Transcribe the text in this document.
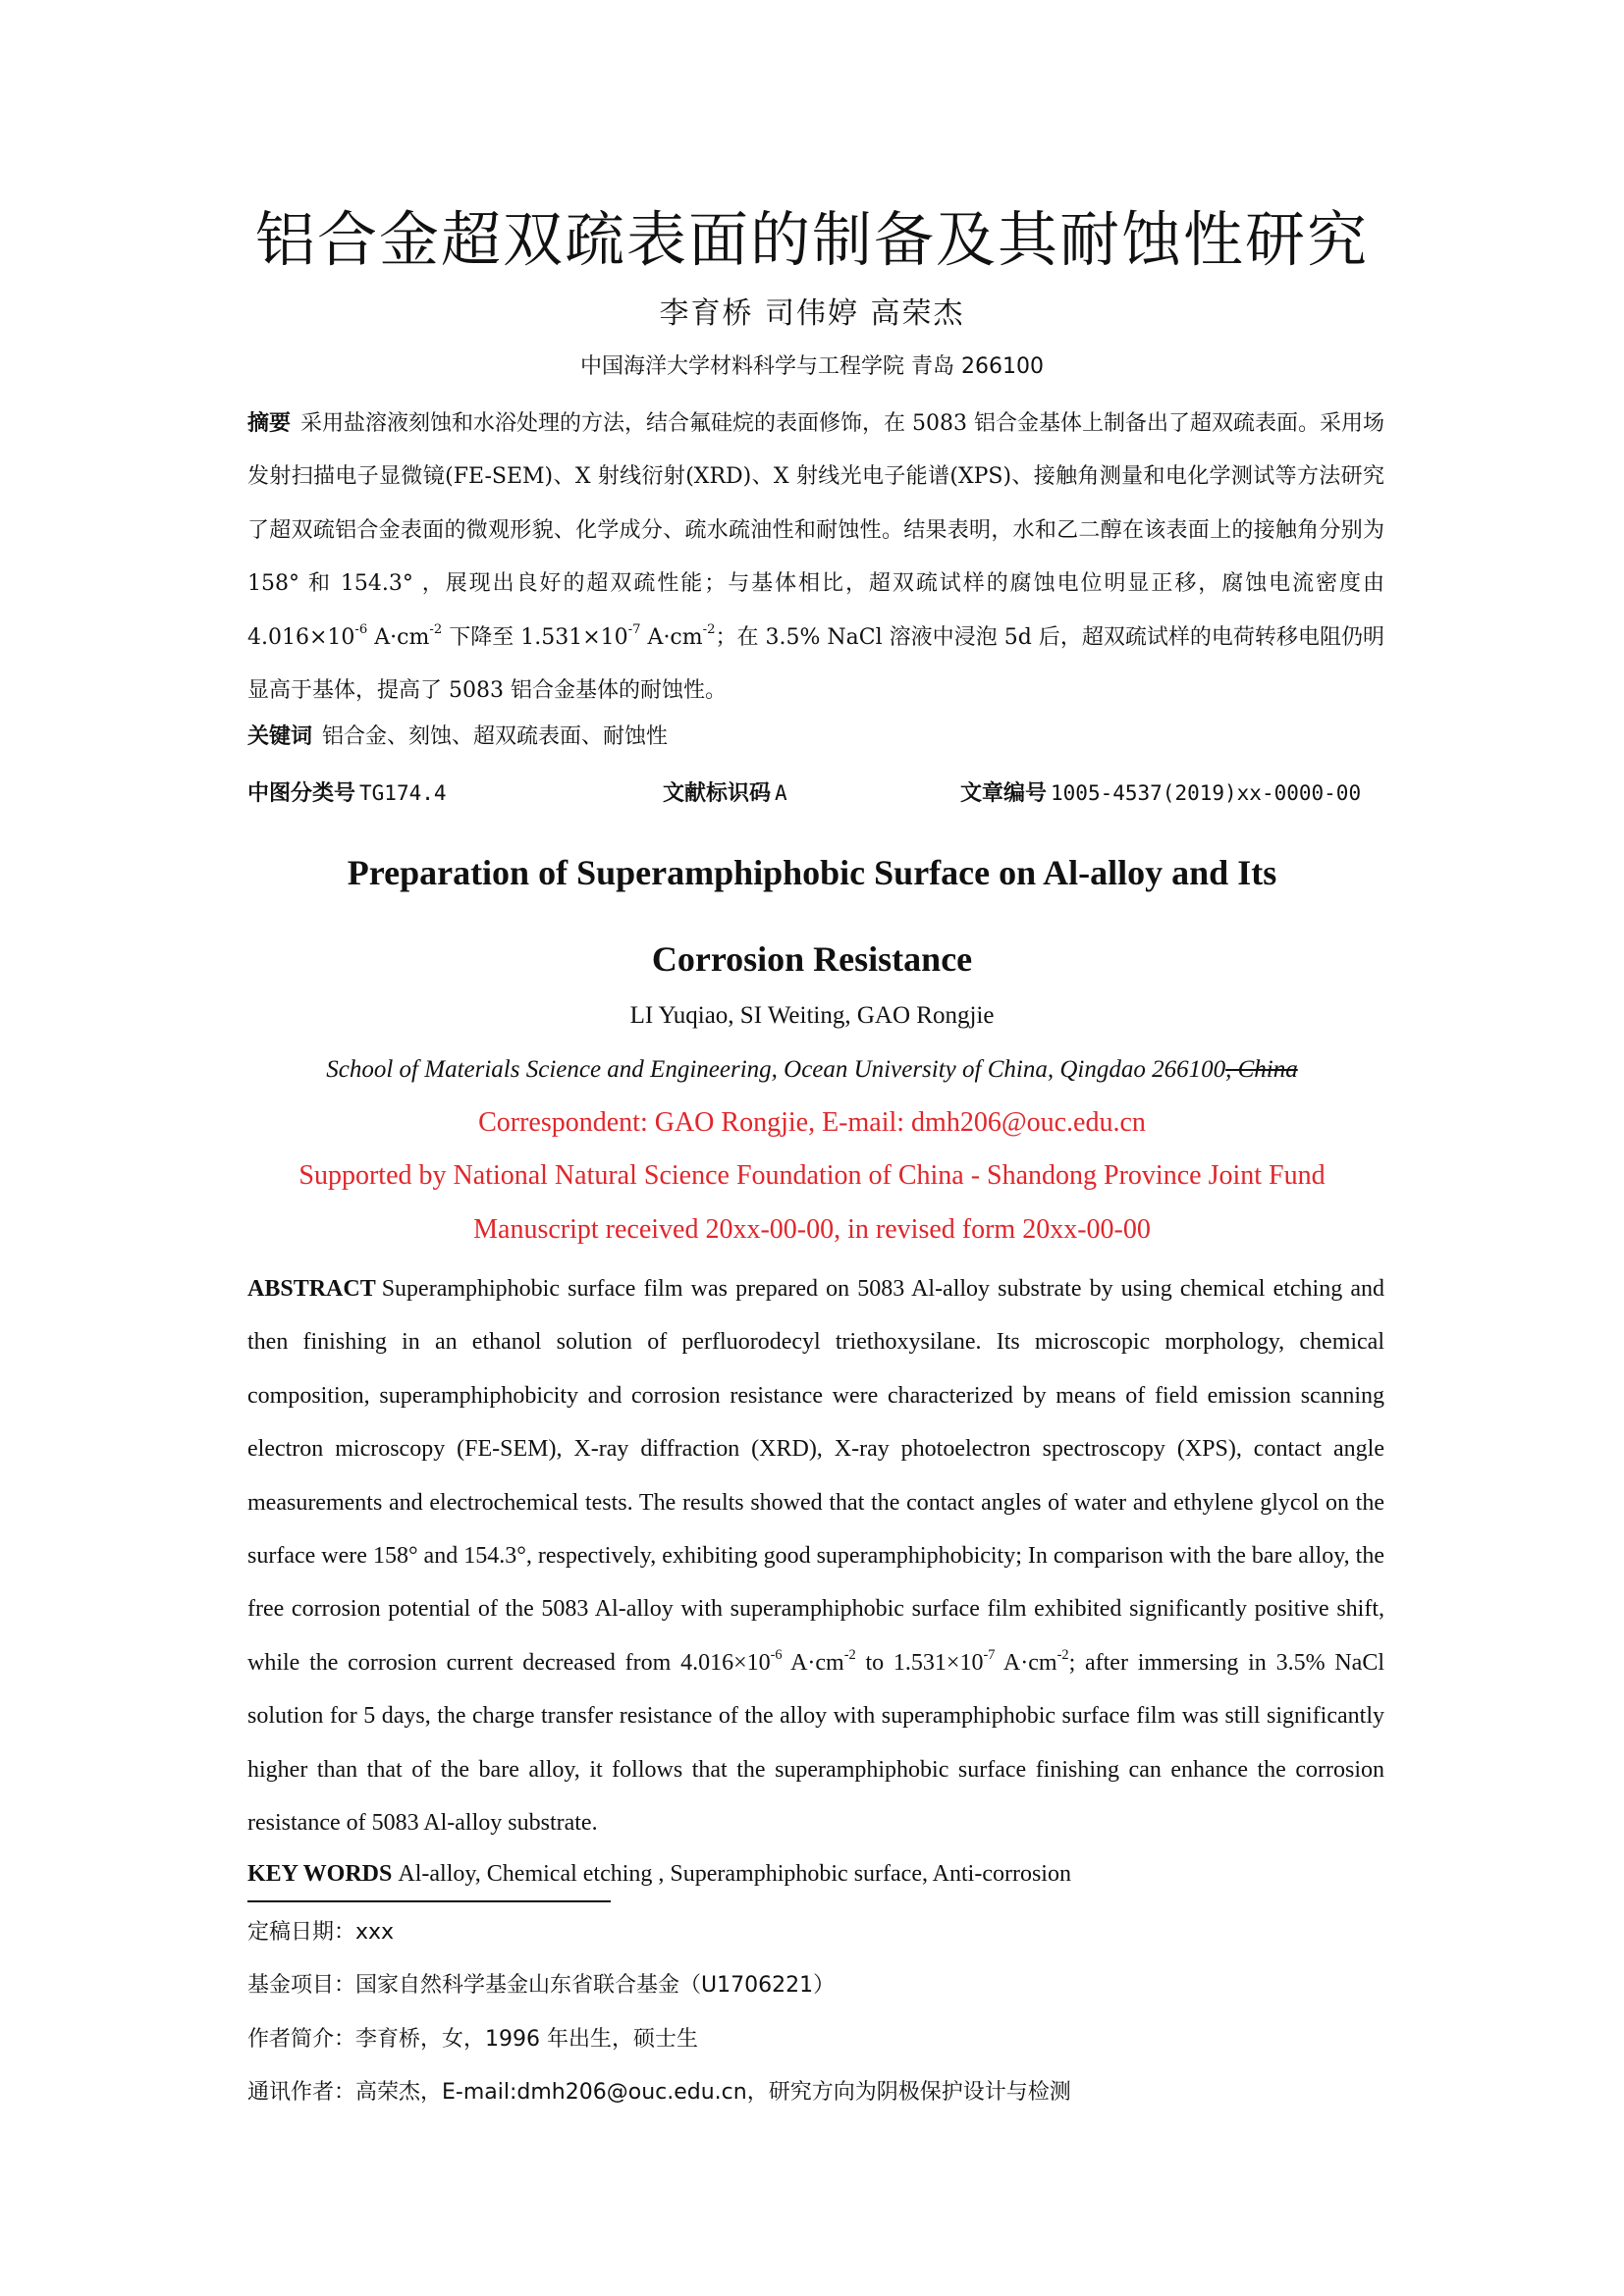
铝合金超双疏表面的制备及其耐蚀性研究
李育桥 司伟婷 高荣杰
中国海洋大学材料科学与工程学院 青岛 266100
摘要 采用盐溶液刻蚀和水浴处理的方法，结合氟硅烷的表面修饰，在 5083 铝合金基体上制备出了超双疏表面。采用场发射扫描电子显微镜(FE-SEM)、X 射线衍射(XRD)、X 射线光电子能谱(XPS)、接触角测量和电化学测试等方法研究了超双疏铝合金表面的微观形貌、化学成分、疏水疏油性和耐蚀性。结果表明，水和乙二醇在该表面上的接触角分别为 158° 和 154.3° ，展现出良好的超双疏性能；与基体相比，超双疏试样的腐蚀电位明显正移，腐蚀电流密度由 $4.016\times 10^{-6}$ $A\cdot cm^{-2}$ 下降至 $1.531\times 10^{-7}$ $A\cdot cm^{-2}$；在 3.5% NaCl 溶液中浸泡 5d 后，超双疏试样的电荷转移电阻仍明显高于基体，提高了 5083 铝合金基体的耐蚀性。
关键词 铝合金、刻蚀、超双疏表面、耐蚀性
中图分类号 TG174.4	文献标识码 A	文章编号 1005-4537(2019)xx-0000-00
Preparation of Superamphiphobic Surface on Al-alloy and Its
Corrosion Resistance
LI Yuqiao, SI Weiting, GAO Rongjie
School of Materials Science and Engineering, Ocean University of China, Qingdao 266100, China
Correspondent: GAO Rongjie, E-mail: dmh206@ouc.edu.cn
Supported by National Natural Science Foundation of China - Shandong Province Joint Fund
Manuscript received 20xx-00-00, in revised form 20xx-00-00
ABSTRACT Superamphiphobic surface film was prepared on 5083 Al-alloy substrate by using chemical etching and then finishing in an ethanol solution of perfluorodecyl triethoxysilane. Its microscopic morphology, chemical composition, superamphiphobicity and corrosion resistance were characterized by means of field emission scanning electron microscopy (FE-SEM), X-ray diffraction (XRD), X-ray photoelectron spectroscopy (XPS), contact angle measurements and electrochemical tests. The results showed that the contact angles of water and ethylene glycol on the surface were 158° and 154.3°, respectively, exhibiting good superamphiphobicity; In comparison with the bare alloy, the free corrosion potential of the 5083 Al-alloy with superamphiphobic surface film exhibited significantly positive shift, while the corrosion current decreased from $4.016\times 10^{-6}$ $A\cdot cm^{-2}$ to $1.531\times 10^{-7}$ $A\cdot cm^{-2}$; after immersing in 3.5% NaCl solution for 5 days, the charge transfer resistance of the alloy with superamphiphobic surface film was still significantly higher than that of the bare alloy, it follows that the superamphiphobic surface finishing can enhance the corrosion resistance of 5083 Al-alloy substrate.
KEY WORDS Al-alloy, Chemical etching , Superamphiphobic surface, Anti-corrosion
定稿日期：xxx
基金项目：国家自然科学基金山东省联合基金（U1706221）
作者简介：李育桥，女，1996 年出生，硕士生
通讯作者：高荣杰，E-mail:dmh206@ouc.edu.cn，研究方向为阴极保护设计与检测
